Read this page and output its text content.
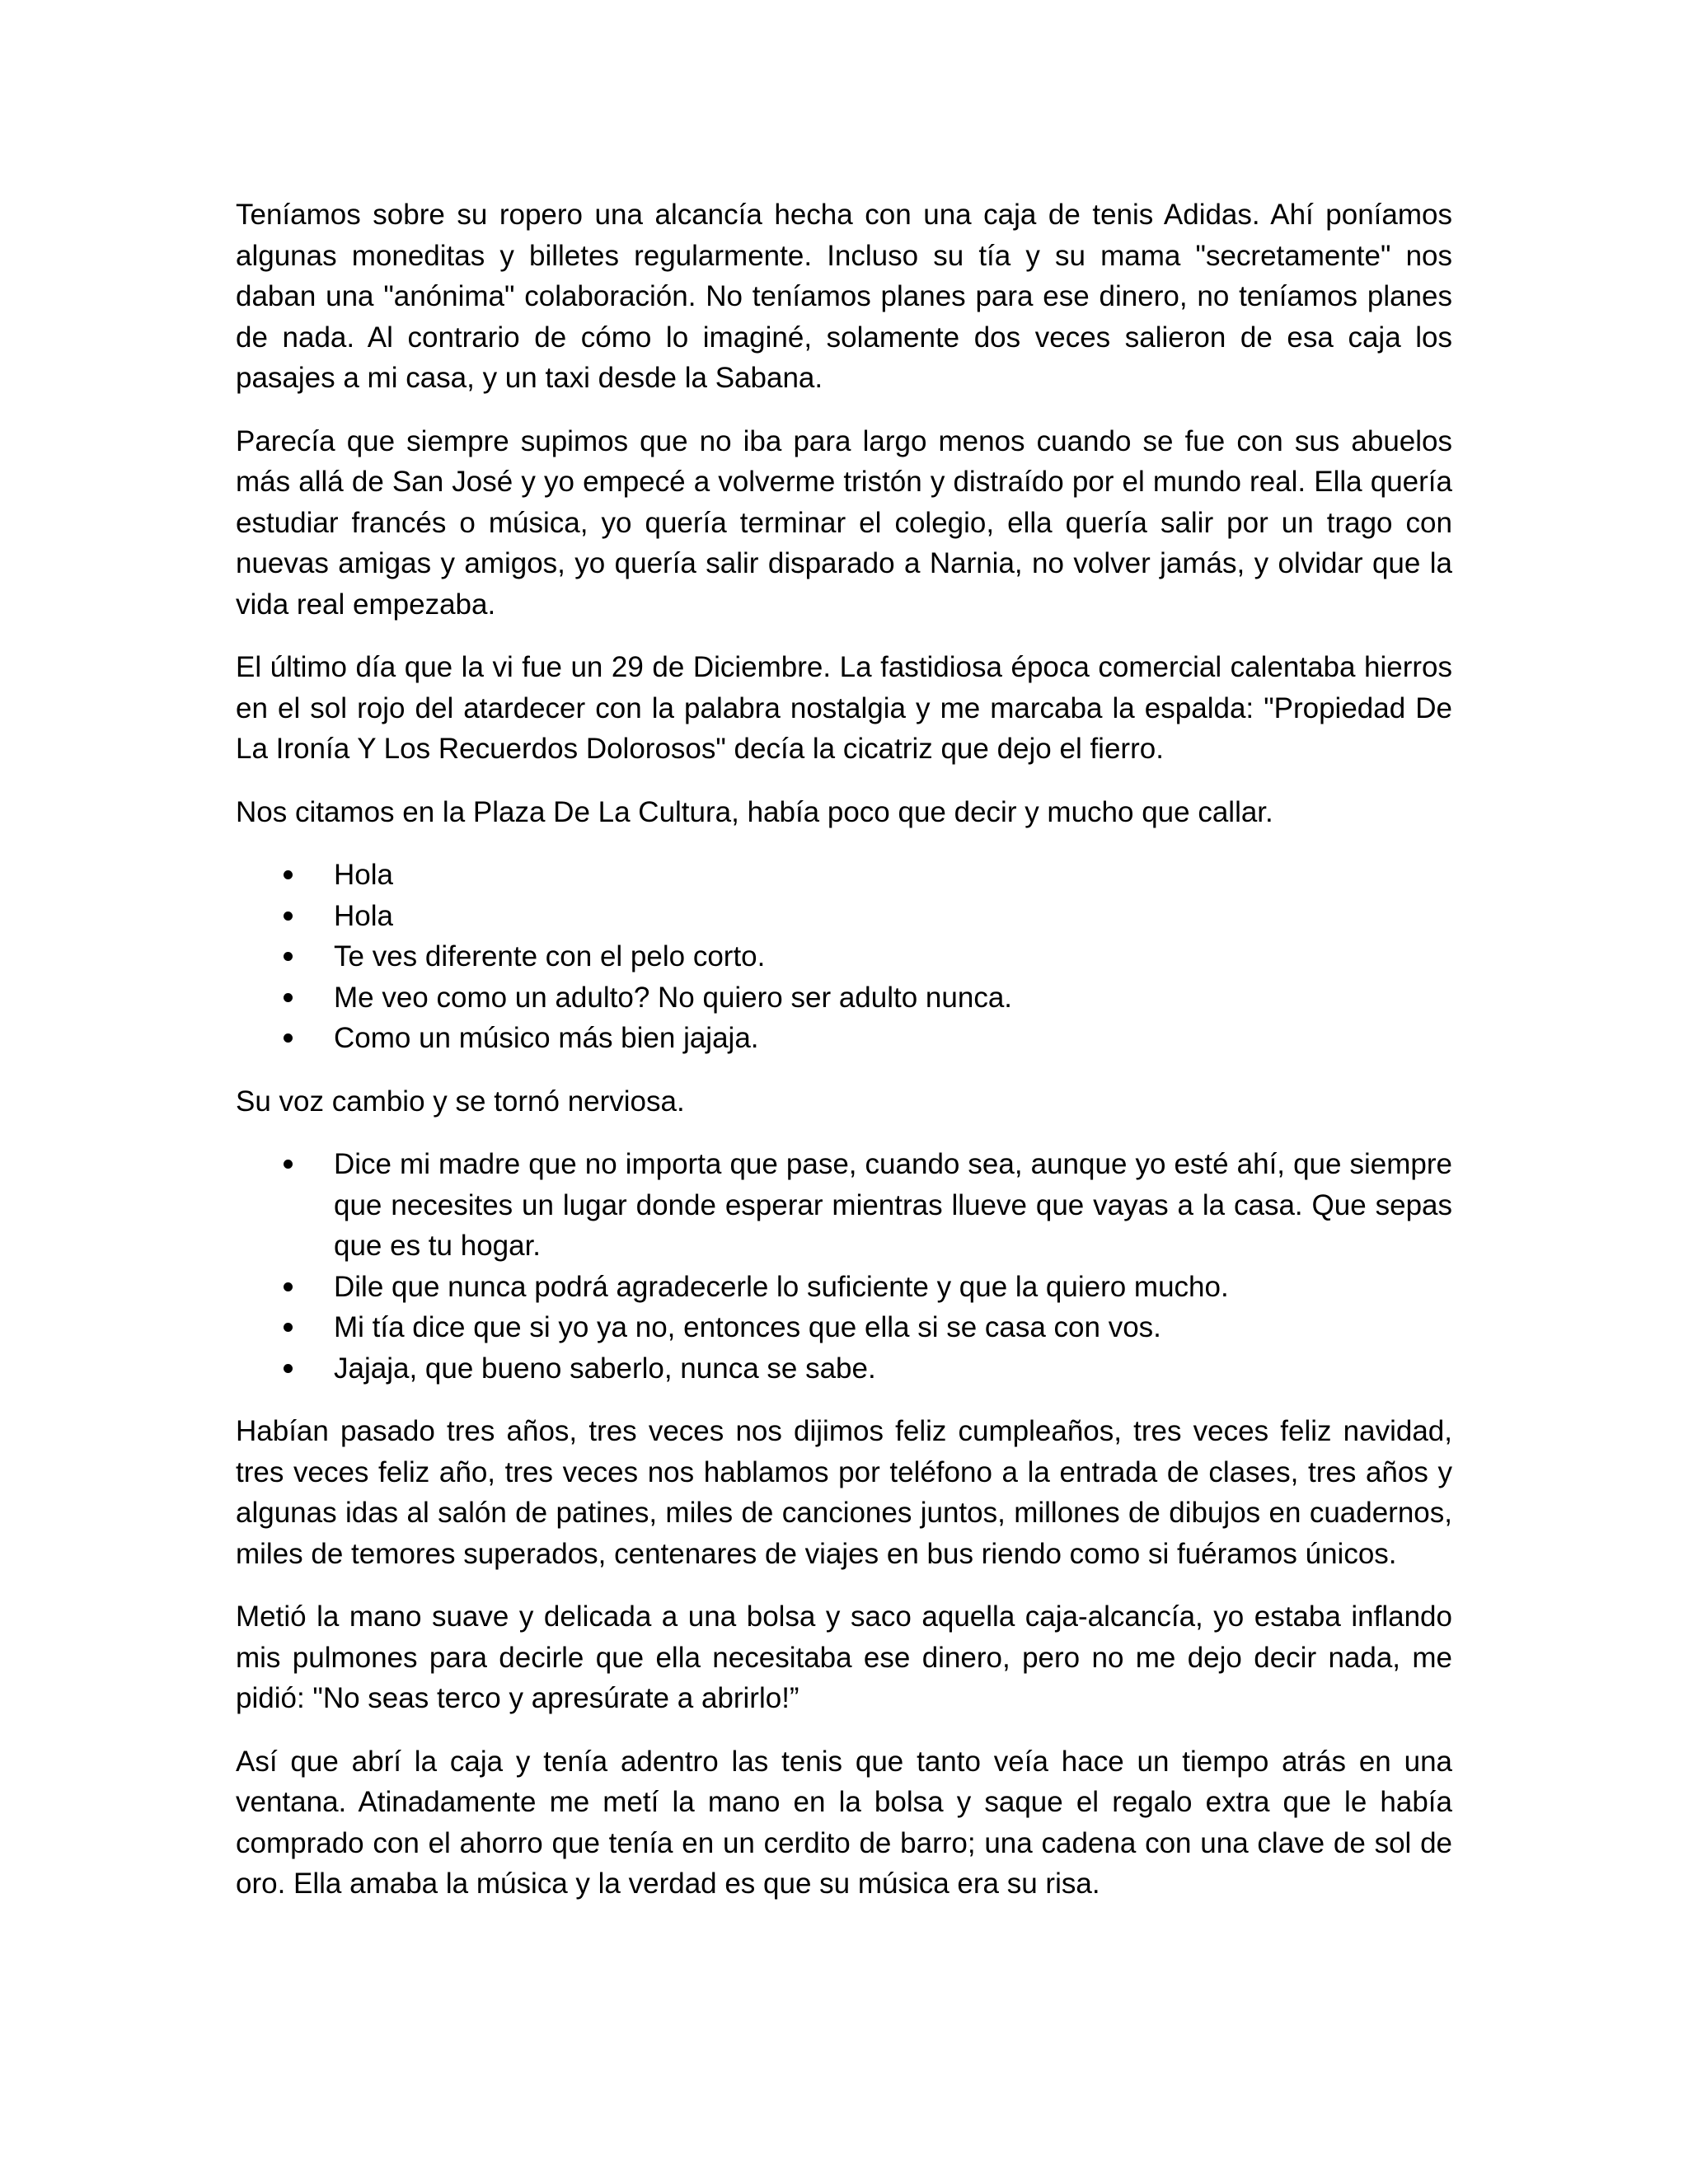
Teníamos sobre su ropero una alcancía hecha con una caja de tenis Adidas. Ahí poníamos algunas moneditas y billetes regularmente. Incluso su tía y su mama "secretamente" nos daban una "anónima" colaboración. No teníamos planes para ese dinero, no teníamos planes de nada. Al contrario de cómo lo imaginé, solamente dos veces salieron de esa caja los pasajes a mi casa, y un taxi desde la Sabana.

Parecía que siempre supimos que no iba para largo menos cuando se fue con sus abuelos más allá de San José y yo empecé a volverme tristón y distraído por el mundo real. Ella quería estudiar francés o música, yo quería terminar el colegio, ella quería salir por un trago con nuevas amigas y amigos, yo quería salir disparado a Narnia, no volver jamás, y olvidar que la vida real empezaba.

El último día que la vi fue un 29 de Diciembre. La fastidiosa época comercial calentaba hierros en el sol rojo del atardecer con la palabra nostalgia y me marcaba la espalda: "Propiedad De La Ironía Y Los Recuerdos Dolorosos" decía la cicatriz que dejo el fierro.

Nos citamos en la Plaza De La Cultura, había poco que decir y mucho que callar.

Hola
Hola
Te ves diferente con el pelo corto.
Me veo como un adulto? No quiero ser adulto nunca.
Como un músico más bien jajaja.

Su voz cambio y se tornó nerviosa.

Dice mi madre que no importa que pase, cuando sea, aunque yo esté ahí, que siempre que necesites un lugar donde esperar mientras llueve que vayas a la casa. Que sepas que es tu hogar.
Dile que nunca podrá agradecerle lo suficiente y que la quiero mucho.
Mi tía dice que si yo ya no, entonces que ella si se casa con vos.
Jajaja, que bueno saberlo, nunca se sabe.

Habían pasado tres años, tres veces nos dijimos feliz cumpleaños, tres veces feliz navidad, tres veces feliz año, tres veces nos hablamos por teléfono a la entrada de clases, tres años y algunas idas al salón de patines, miles de canciones juntos, millones de dibujos en cuadernos, miles de temores superados, centenares de viajes en bus riendo como si fuéramos únicos.

Metió la mano suave y delicada a una bolsa y saco aquella caja-alcancía, yo estaba inflando mis pulmones para decirle que ella necesitaba ese dinero, pero no me dejo decir nada, me pidió: "No seas terco y apresúrate a abrirlo!”

Así que abrí la caja y tenía adentro las tenis que tanto veía hace un tiempo atrás en una ventana. Atinadamente me metí la mano en la bolsa y saque el regalo extra que le había comprado con el ahorro que tenía en un cerdito de barro; una cadena con una clave de sol de oro. Ella amaba la música y la verdad es que su música era su risa.
